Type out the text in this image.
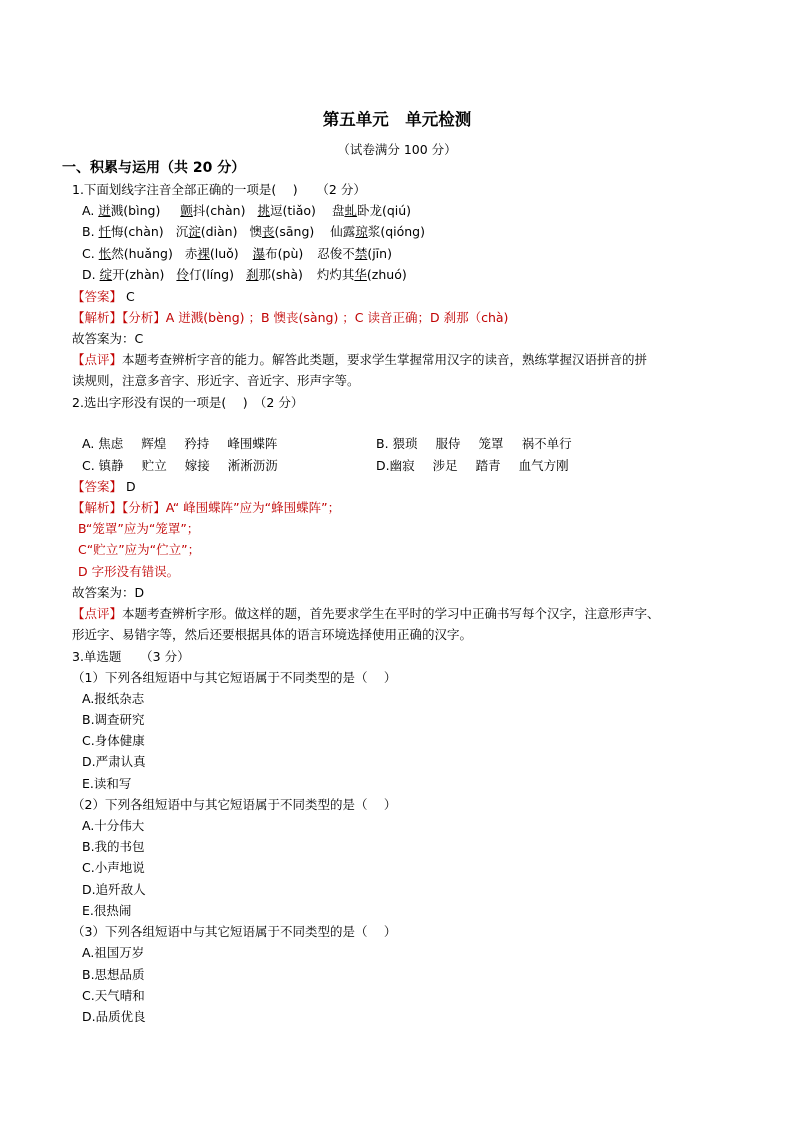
第五单元　单元检测
（试卷满分 100 分）
一、积累与运用（共 20 分）
1.下面划线字注音全部正确的一项是(　 )　　（2 分）
A. 迸溅(bìng) 颤抖(chàn) 挑逗(tiǎo) 盘虬卧龙(qiú)
B. 忏悔(chàn) 沉淀(diàn) 懊丧(sāng) 仙露琼浆(qióng)
C. 怅然(huǎng) 赤裸(luǒ) 瀑布(pù) 忍俊不禁(jīn)
D. 绽开(zhàn) 伶仃(líng) 刹那(shà) 灼灼其华(zhuó)
【答案】 C
【解析】【分析】A 迸溅(bèng) ；B 懊丧(sàng) ；C 读音正确；D 刹那（chà)
故答案为：C
【点评】本题考查辨析字音的能力。解答此类题，要求学生掌握常用汉字的读音，熟练掌握汉语拼音的拼
读规则，注意多音字、形近字、音近字、形声字等。
2.选出字形没有误的一项是(　 )　（2 分）
A. 焦虑 辉煌 矜持 峰围蝶阵	B. 猥琐 服侍 笼罩 祸不单行
C. 镇静 贮立 嫁接 淅淅沥沥	D.幽寂 涉足 踏青 血气方刚
【答案】 D
【解析】【分析】A“ 峰围蝶阵”应为“蜂围蝶阵”；
B“笼罩”应为“笼罩”；
C“贮立”应为“伫立”；
D 字形没有错误。
故答案为：D
【点评】本题考查辨析字形。做这样的题，首先要求学生在平时的学习中正确书写每个汉字，注意形声字、
形近字、易错字等，然后还要根据具体的语言环境选择使用正确的汉字。
3.单选题　　（3 分）
（1）下列各组短语中与其它短语属于不同类型的是（　 ）
A.报纸杂志
B.调查研究
C.身体健康
D.严肃认真
E.读和写
（2）下列各组短语中与其它短语属于不同类型的是（　 ）
A.十分伟大
B.我的书包
C.小声地说
D.追歼敌人
E.很热闹
（3）下列各组短语中与其它短语属于不同类型的是（　 ）
A.祖国万岁
B.思想品质
C.天气晴和
D.品质优良
